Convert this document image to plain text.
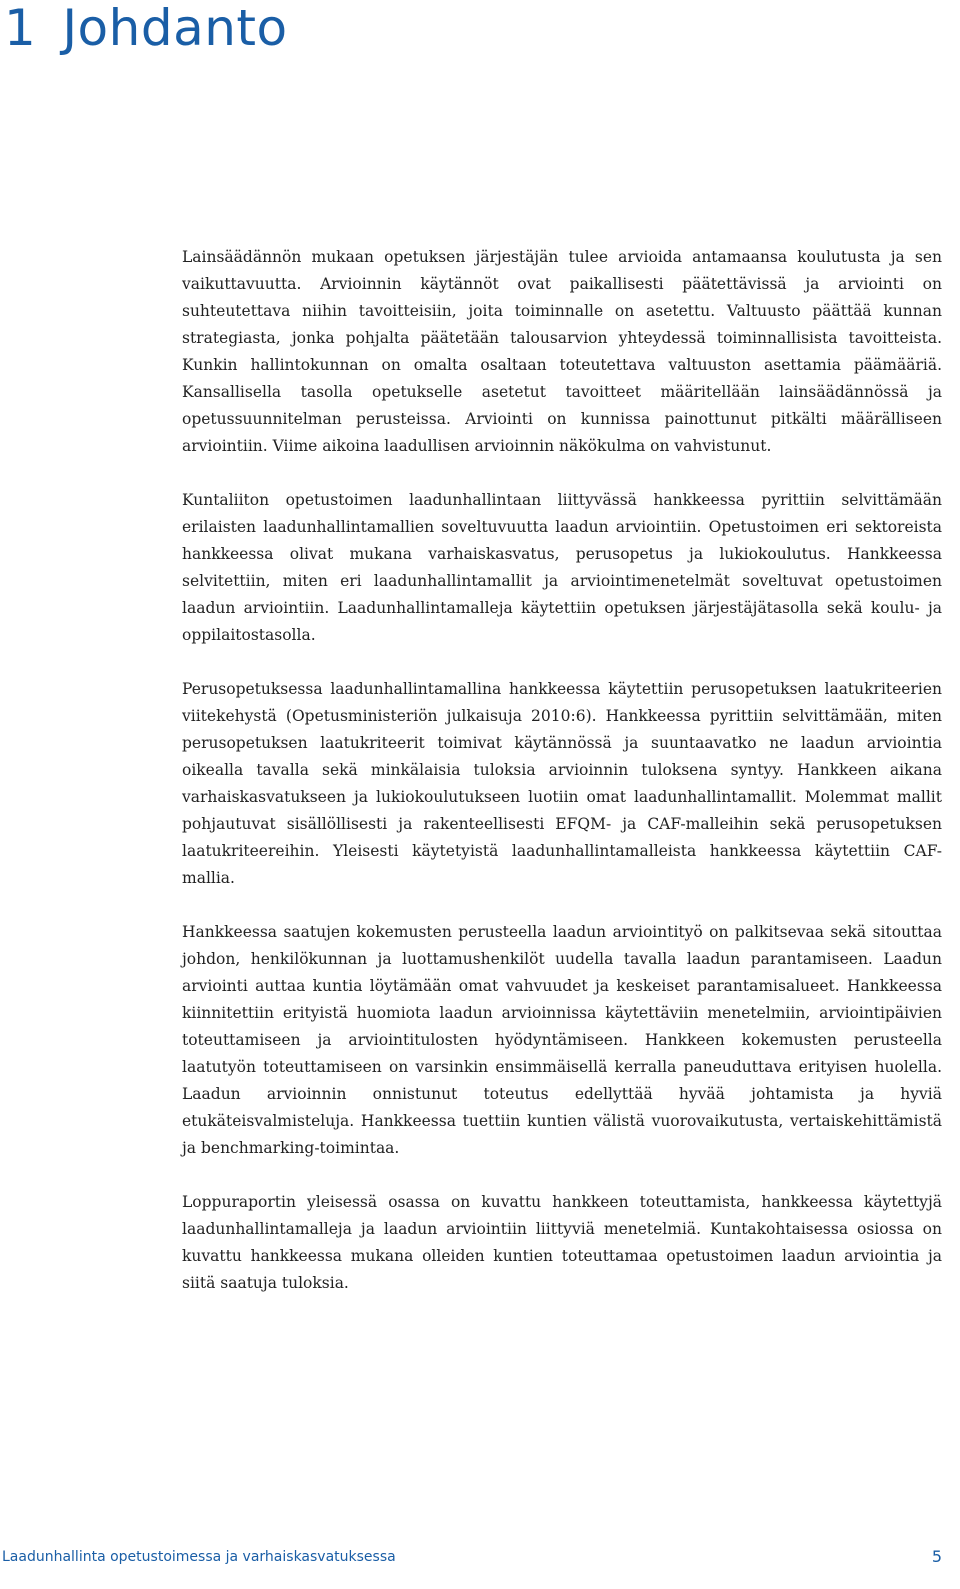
1 Johdanto

Lainsäädännön mukaan opetuksen järjestäjän tulee arvioida antamaansa koulutusta ja sen vaikuttavuutta. Arvioinnin käytännöt ovat paikallisesti päätettävissä ja arviointi on suhteutettava niihin tavoitteisiin, joita toiminnalle on asetettu. Valtuusto päättää kunnan strategiasta, jonka pohjalta päätetään talousarvion yhteydessä toiminnallisista tavoitteista. Kunkin hallintokunnan on omalta osaltaan toteutettava valtuuston asettamia päämääriä. Kansallisella tasolla opetukselle asetetut tavoitteet määritellään lainsäädännössä ja opetussuunnitelman perusteissa. Arviointi on kunnissa painottunut pitkälti määrälliseen arviointiin. Viime aikoina laadullisen arvioinnin näkökulma on vahvistunut.

Kuntaliiton opetustoimen laadunhallintaan liittyvässä hankkeessa pyrittiin selvittämään erilaisten laadunhallintamallien soveltuvuutta laadun arviointiin. Opetustoimen eri sektoreista hankkeessa olivat mukana varhaiskasvatus, perusopetus ja lukiokoulutus. Hankkeessa selvitettiin, miten eri laadunhallintamallit ja arviointimenetelmät soveltuvat opetustoimen laadun arviointiin. Laadunhallintamalleja käytettiin opetuksen järjestäjätasolla sekä koulu- ja oppilaitostasolla.

Perusopetuksessa laadunhallintamallina hankkeessa käytettiin perusopetuksen laatukriteerien viitekehystä (Opetusministeriön julkaisuja 2010:6). Hankkeessa pyrittiin selvittämään, miten perusopetuksen laatukriteerit toimivat käytännössä ja suuntaavatko ne laadun arviointia oikealla tavalla sekä minkälaisia tuloksia arvioinnin tuloksena syntyy. Hankkeen aikana varhaiskasvatukseen ja lukiokoulutukseen luotiin omat laadunhallintamallit. Molemmat mallit pohjautuvat sisällöllisesti ja rakenteellisesti EFQM- ja CAF-malleihin sekä perusopetuksen laatukriteereihin. Yleisesti käytetyistä laadunhallintamalleista hankkeessa käytettiin CAF-mallia.

Hankkeessa saatujen kokemusten perusteella laadun arviointityö on palkitsevaa sekä sitouttaa johdon, henkilökunnan ja luottamushenkilöt uudella tavalla laadun parantamiseen. Laadun arviointi auttaa kuntia löytämään omat vahvuudet ja keskeiset parantamisalueet. Hankkeessa kiinnitettiin erityistä huomiota laadun arvioinnissa käytettäviin menetelmiin, arviointipäivien toteuttamiseen ja arviointitulosten hyödyntämiseen. Hankkeen kokemusten perusteella laatutyön toteuttamiseen on varsinkin ensimmäisellä kerralla paneuduttava erityisen huolella. Laadun arvioinnin onnistunut toteutus edellyttää hyvää johtamista ja hyviä etukäteisvalmisteluja. Hankkeessa tuettiin kuntien välistä vuorovaikutusta, vertaiskehittämistä ja benchmarking-toimintaa.

Loppuraportin yleisessä osassa on kuvattu hankkeen toteuttamista, hankkeessa käytettyjä laadunhallintamalleja ja laadun arviointiin liittyviä menetelmiä. Kuntakohtaisessa osiossa on kuvattu hankkeessa mukana olleiden kuntien toteuttamaa opetustoimen laadun arviointia ja siitä saatuja tuloksia.

Laadunhallinta opetustoimessa ja varhaiskasvatuksessa	5
